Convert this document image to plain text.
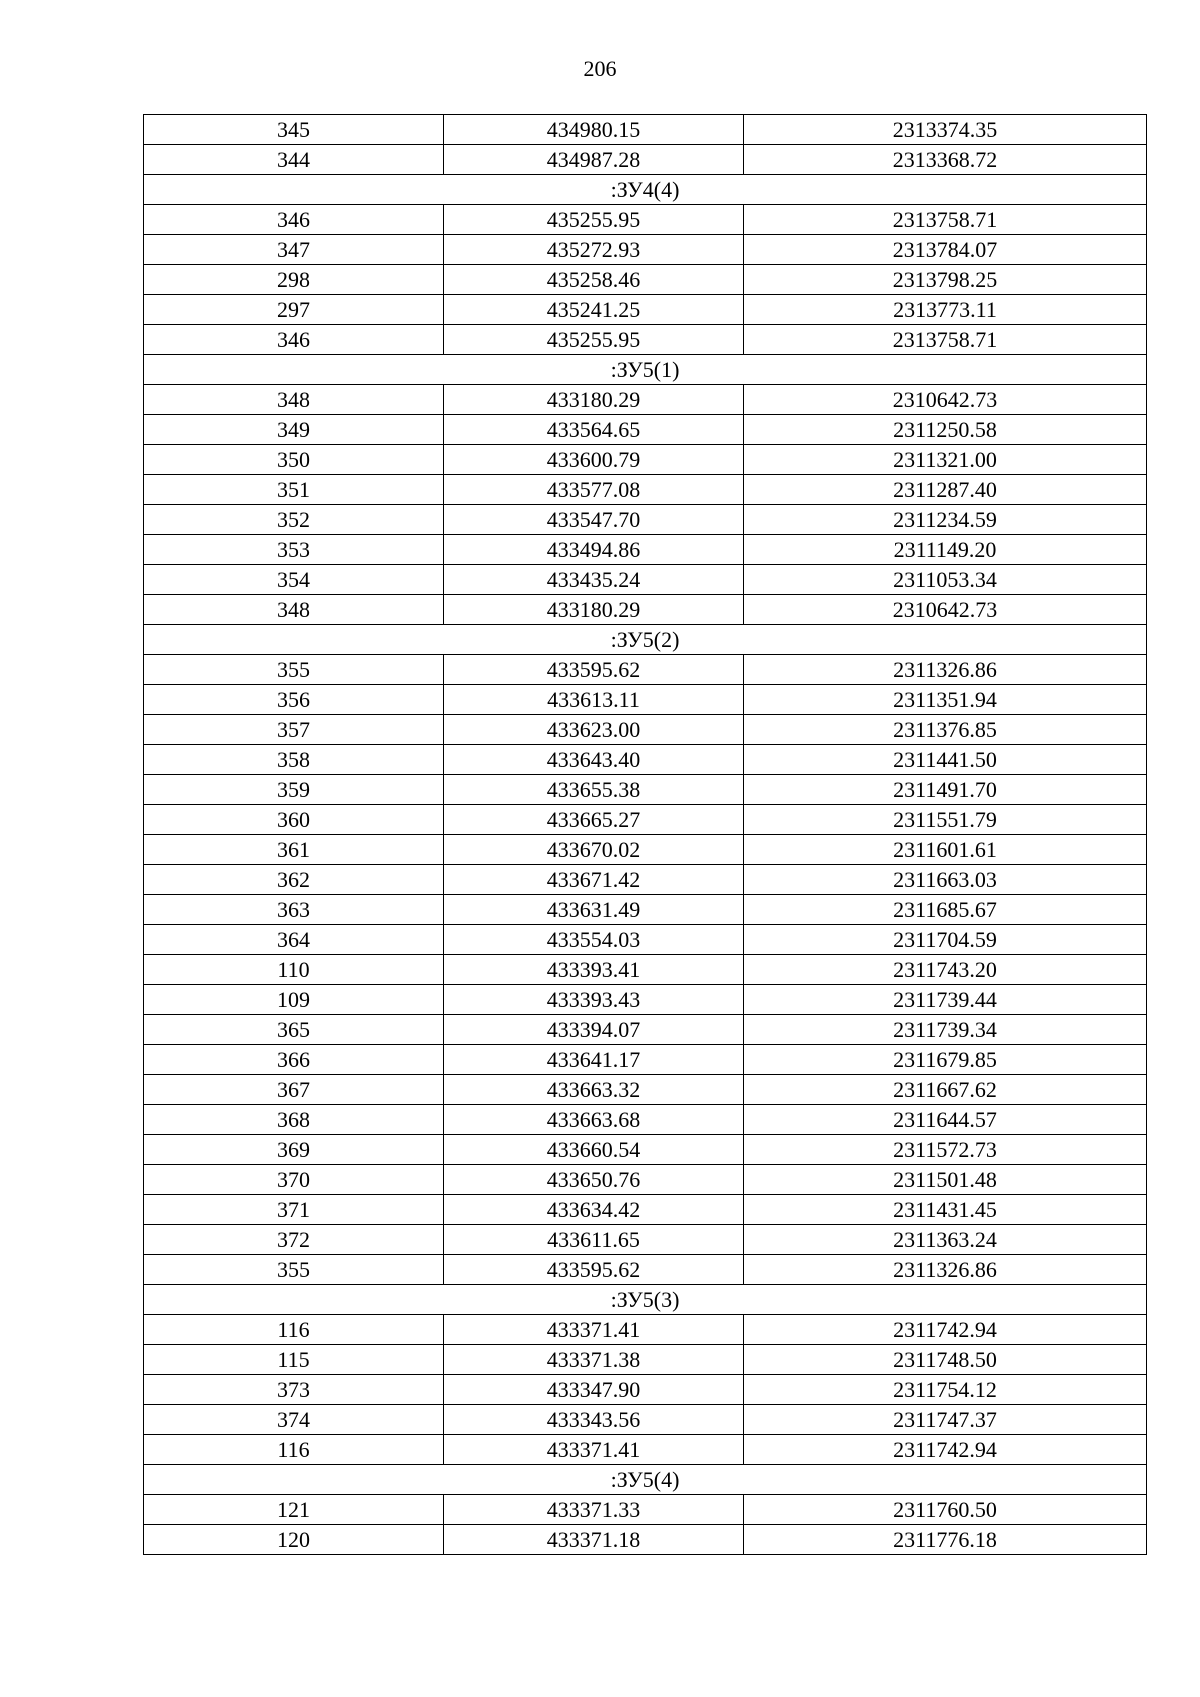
206
345	434980.15	2313374.35
344	434987.28	2313368.72
:ЗУ4(4)		
346	435255.95	2313758.71
347	435272.93	2313784.07
298	435258.46	2313798.25
297	435241.25	2313773.11
346	435255.95	2313758.71
:ЗУ5(1)		
348	433180.29	2310642.73
349	433564.65	2311250.58
350	433600.79	2311321.00
351	433577.08	2311287.40
352	433547.70	2311234.59
353	433494.86	2311149.20
354	433435.24	2311053.34
348	433180.29	2310642.73
:ЗУ5(2)		
355	433595.62	2311326.86
356	433613.11	2311351.94
357	433623.00	2311376.85
358	433643.40	2311441.50
359	433655.38	2311491.70
360	433665.27	2311551.79
361	433670.02	2311601.61
362	433671.42	2311663.03
363	433631.49	2311685.67
364	433554.03	2311704.59
110	433393.41	2311743.20
109	433393.43	2311739.44
365	433394.07	2311739.34
366	433641.17	2311679.85
367	433663.32	2311667.62
368	433663.68	2311644.57
369	433660.54	2311572.73
370	433650.76	2311501.48
371	433634.42	2311431.45
372	433611.65	2311363.24
355	433595.62	2311326.86
:ЗУ5(3)		
116	433371.41	2311742.94
115	433371.38	2311748.50
373	433347.90	2311754.12
374	433343.56	2311747.37
116	433371.41	2311742.94
:ЗУ5(4)		
121	433371.33	2311760.50
120	433371.18	2311776.18
